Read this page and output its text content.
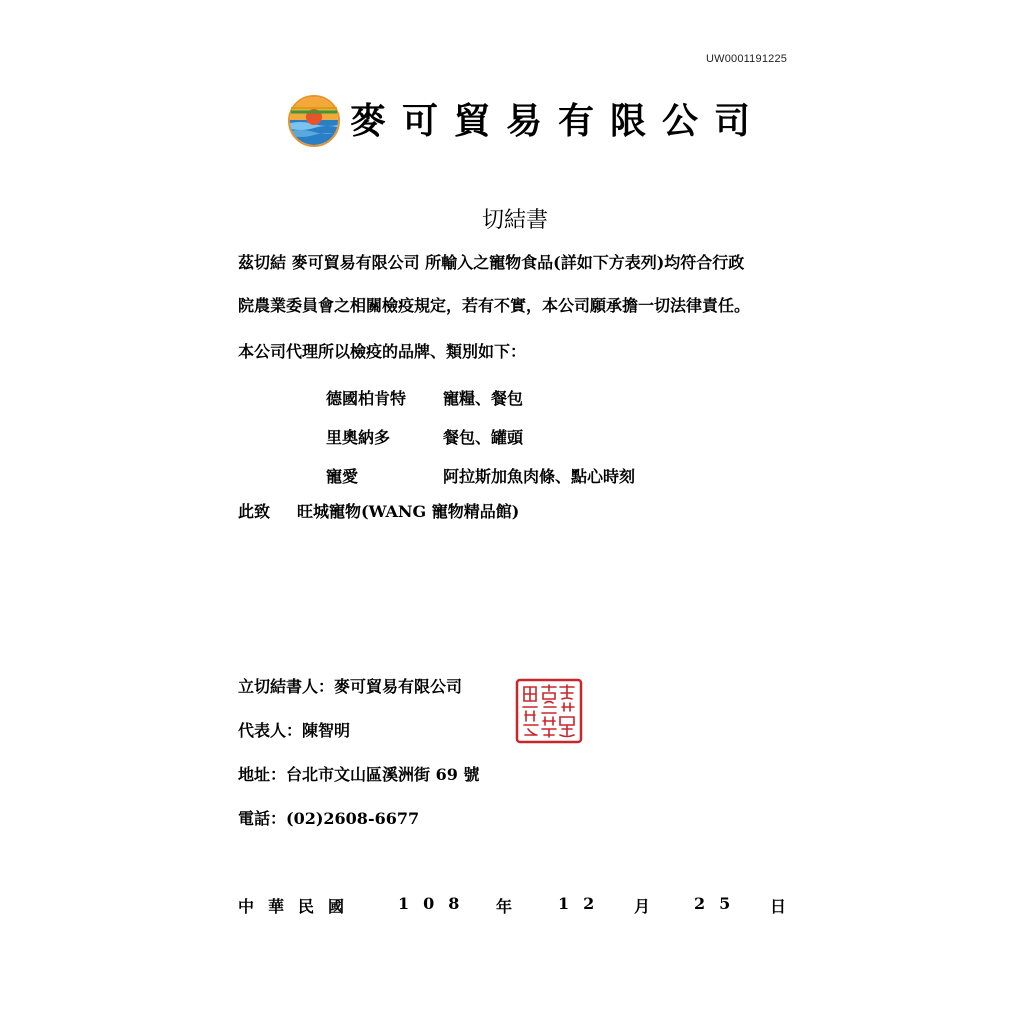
UW0001191225
麥可貿易有限公司
切結書
茲切結 麥可貿易有限公司 所輸入之寵物食品(詳如下方表列)均符合行政
院農業委員會之相關檢疫規定，若有不實，本公司願承擔一切法律責任。
本公司代理所以檢疫的品牌、類別如下：
德國柏肯特 寵糧、餐包
里奧納多	餐包、罐頭
寵愛	阿拉斯加魚肉條、點心時刻
此致 旺城寵物(WANG 寵物精品館)
立切結書人：麥可貿易有限公司
代表人：陳智明
地址：台北市文山區溪洲街 69 號
電話：(02)2608-6677
中華民國 108 年 12 月 25 日
